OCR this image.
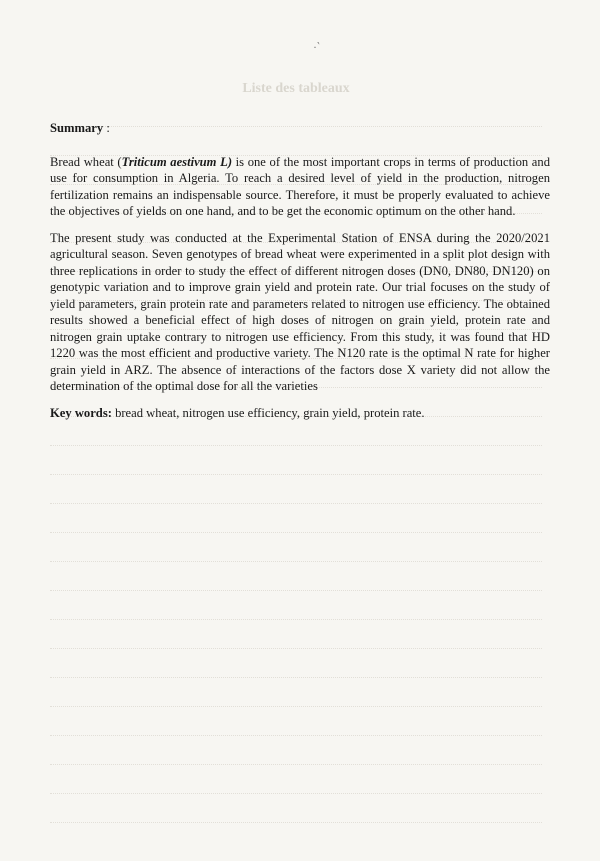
Liste des tableaux
·‵
Summary :

Bread wheat (Triticum aestivum L) is one of the most important crops in terms of production and use for consumption in Algeria. To reach a desired level of yield in the production, nitrogen fertilization remains an indispensable source. Therefore, it must be properly evaluated to achieve the objectives of yields on one hand, and to be get the economic optimum on the other hand.

The present study was conducted at the Experimental Station of ENSA during the 2020/2021 agricultural season. Seven genotypes of bread wheat were experimented in a split plot design with three replications in order to study the effect of different nitrogen doses (DN0, DN80, DN120) on genotypic variation and to improve grain yield and protein rate. Our trial focuses on the study of yield parameters, grain protein rate and parameters related to nitrogen use efficiency. The obtained results showed a beneficial effect of high doses of nitrogen on grain yield, protein rate and nitrogen grain uptake contrary to nitrogen use efficiency. From this study, it was found that HD 1220 was the most efficient and productive variety. The N120 rate is the optimal N rate for higher grain yield in ARZ. The absence of interactions of the factors dose X variety did not allow the determination of the optimal dose for all the varieties

Key words: bread wheat, nitrogen use efficiency, grain yield, protein rate.
